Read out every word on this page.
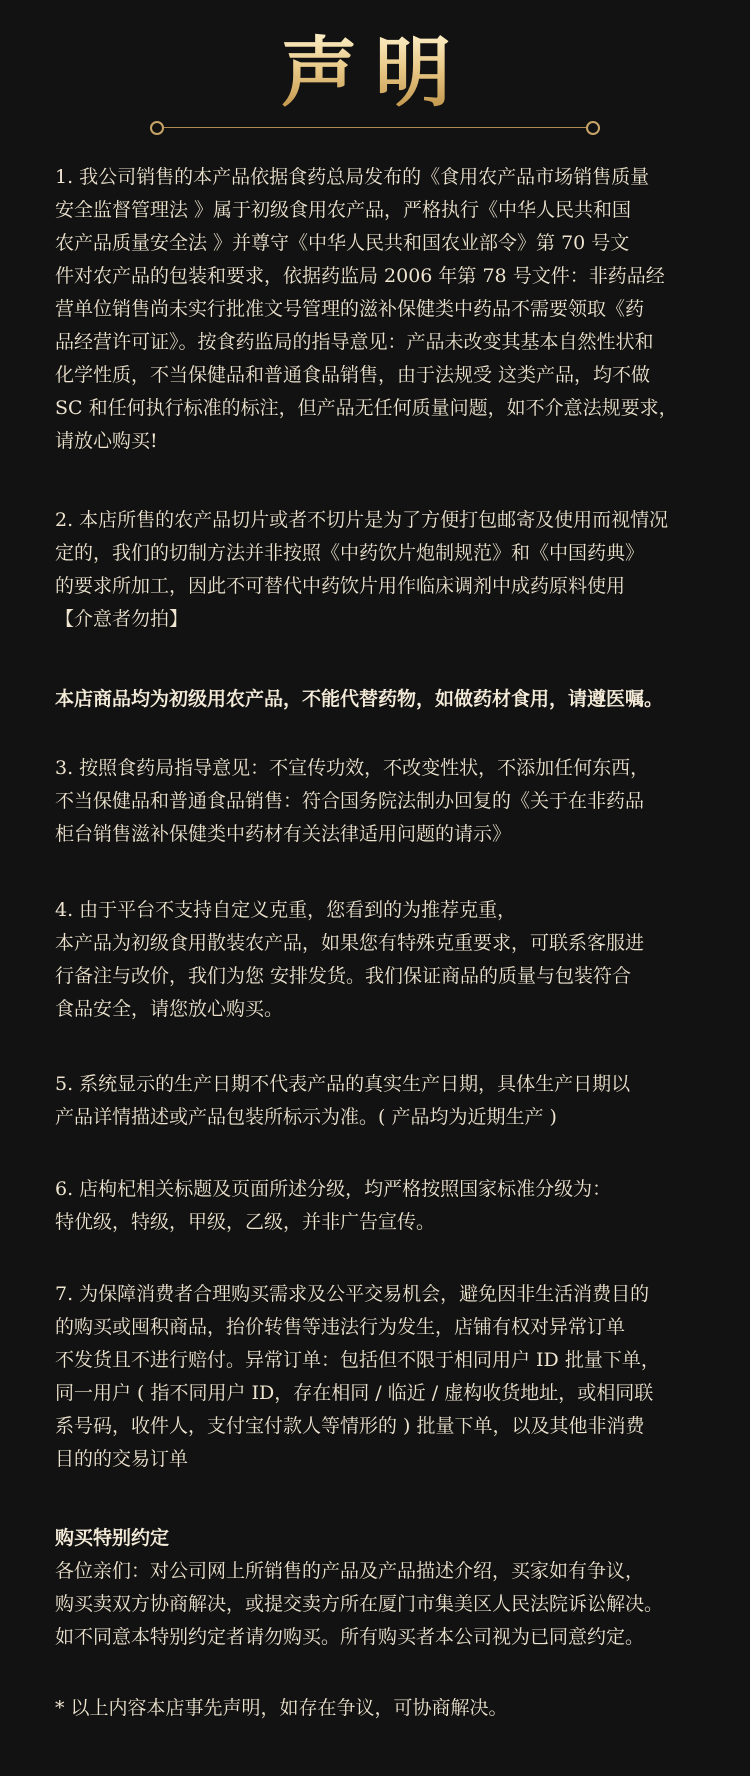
声明
1. 我公司销售的本产品依据食药总局发布的《食用农产品市场销售质量
安全监督管理法 》属于初级食用农产品，严格执行《中华人民共和国
农产品质量安全法 》并尊守《中华人民共和国农业部令》第 70 号文
件对农产品的包装和要求，依据药监局 2006 年第 78 号文件：非药品经
营单位销售尚未实行批准文号管理的滋补保健类中药品不需要领取《药
品经营许可证》。按食药监局的指导意见：产品未改变其基本自然性状和
化学性质，不当保健品和普通食品销售，由于法规受 这类产品，均不做
SC 和任何执行标准的标注，但产品无任何质量问题，如不介意法规要求，
请放心购买!
2. 本店所售的农产品切片或者不切片是为了方便打包邮寄及使用而视情况
定的，我们的切制方法并非按照《中药饮片炮制规范》和《中国药典》
的要求所加工，因此不可替代中药饮片用作临床调剂中成药原料使用
【介意者勿拍】
本店商品均为初级用农产品，不能代替药物，如做药材食用，请遵医嘱。
3. 按照食药局指导意见：不宣传功效，不改变性状，不添加任何东西，
不当保健品和普通食品销售：符合国务院法制办回复的《关于在非药品
柜台销售滋补保健类中药材有关法律适用问题的请示》
4. 由于平台不支持自定义克重，您看到的为推荐克重，
本产品为初级食用散装农产品，如果您有特殊克重要求，可联系客服进
行备注与改价，我们为您 安排发货。我们保证商品的质量与包装符合
食品安全，请您放心购买。
5. 系统显示的生产日期不代表产品的真实生产日期，具体生产日期以
产品详情描述或产品包装所标示为准。( 产品均为近期生产 )
6. 店枸杞相关标题及页面所述分级，均严格按照国家标准分级为：
特优级，特级，甲级，乙级，并非广告宣传。
7. 为保障消费者合理购买需求及公平交易机会，避免因非生活消费目的
的购买或囤积商品，抬价转售等违法行为发生，店铺有权对异常订单
不发货且不进行赔付。异常订单：包括但不限于相同用户 ID 批量下单，
同一用户 ( 指不同用户 ID，存在相同 / 临近 / 虚构收货地址，或相同联
系号码，收件人，支付宝付款人等情形的 ) 批量下单，以及其他非消费
目的的交易订单
购买特别约定
各位亲们：对公司网上所销售的产品及产品描述介绍，买家如有争议，
购买卖双方协商解决，或提交卖方所在厦门市集美区人民法院诉讼解决。
如不同意本特别约定者请勿购买。所有购买者本公司视为已同意约定。
* 以上内容本店事先声明，如存在争议，可协商解决。
